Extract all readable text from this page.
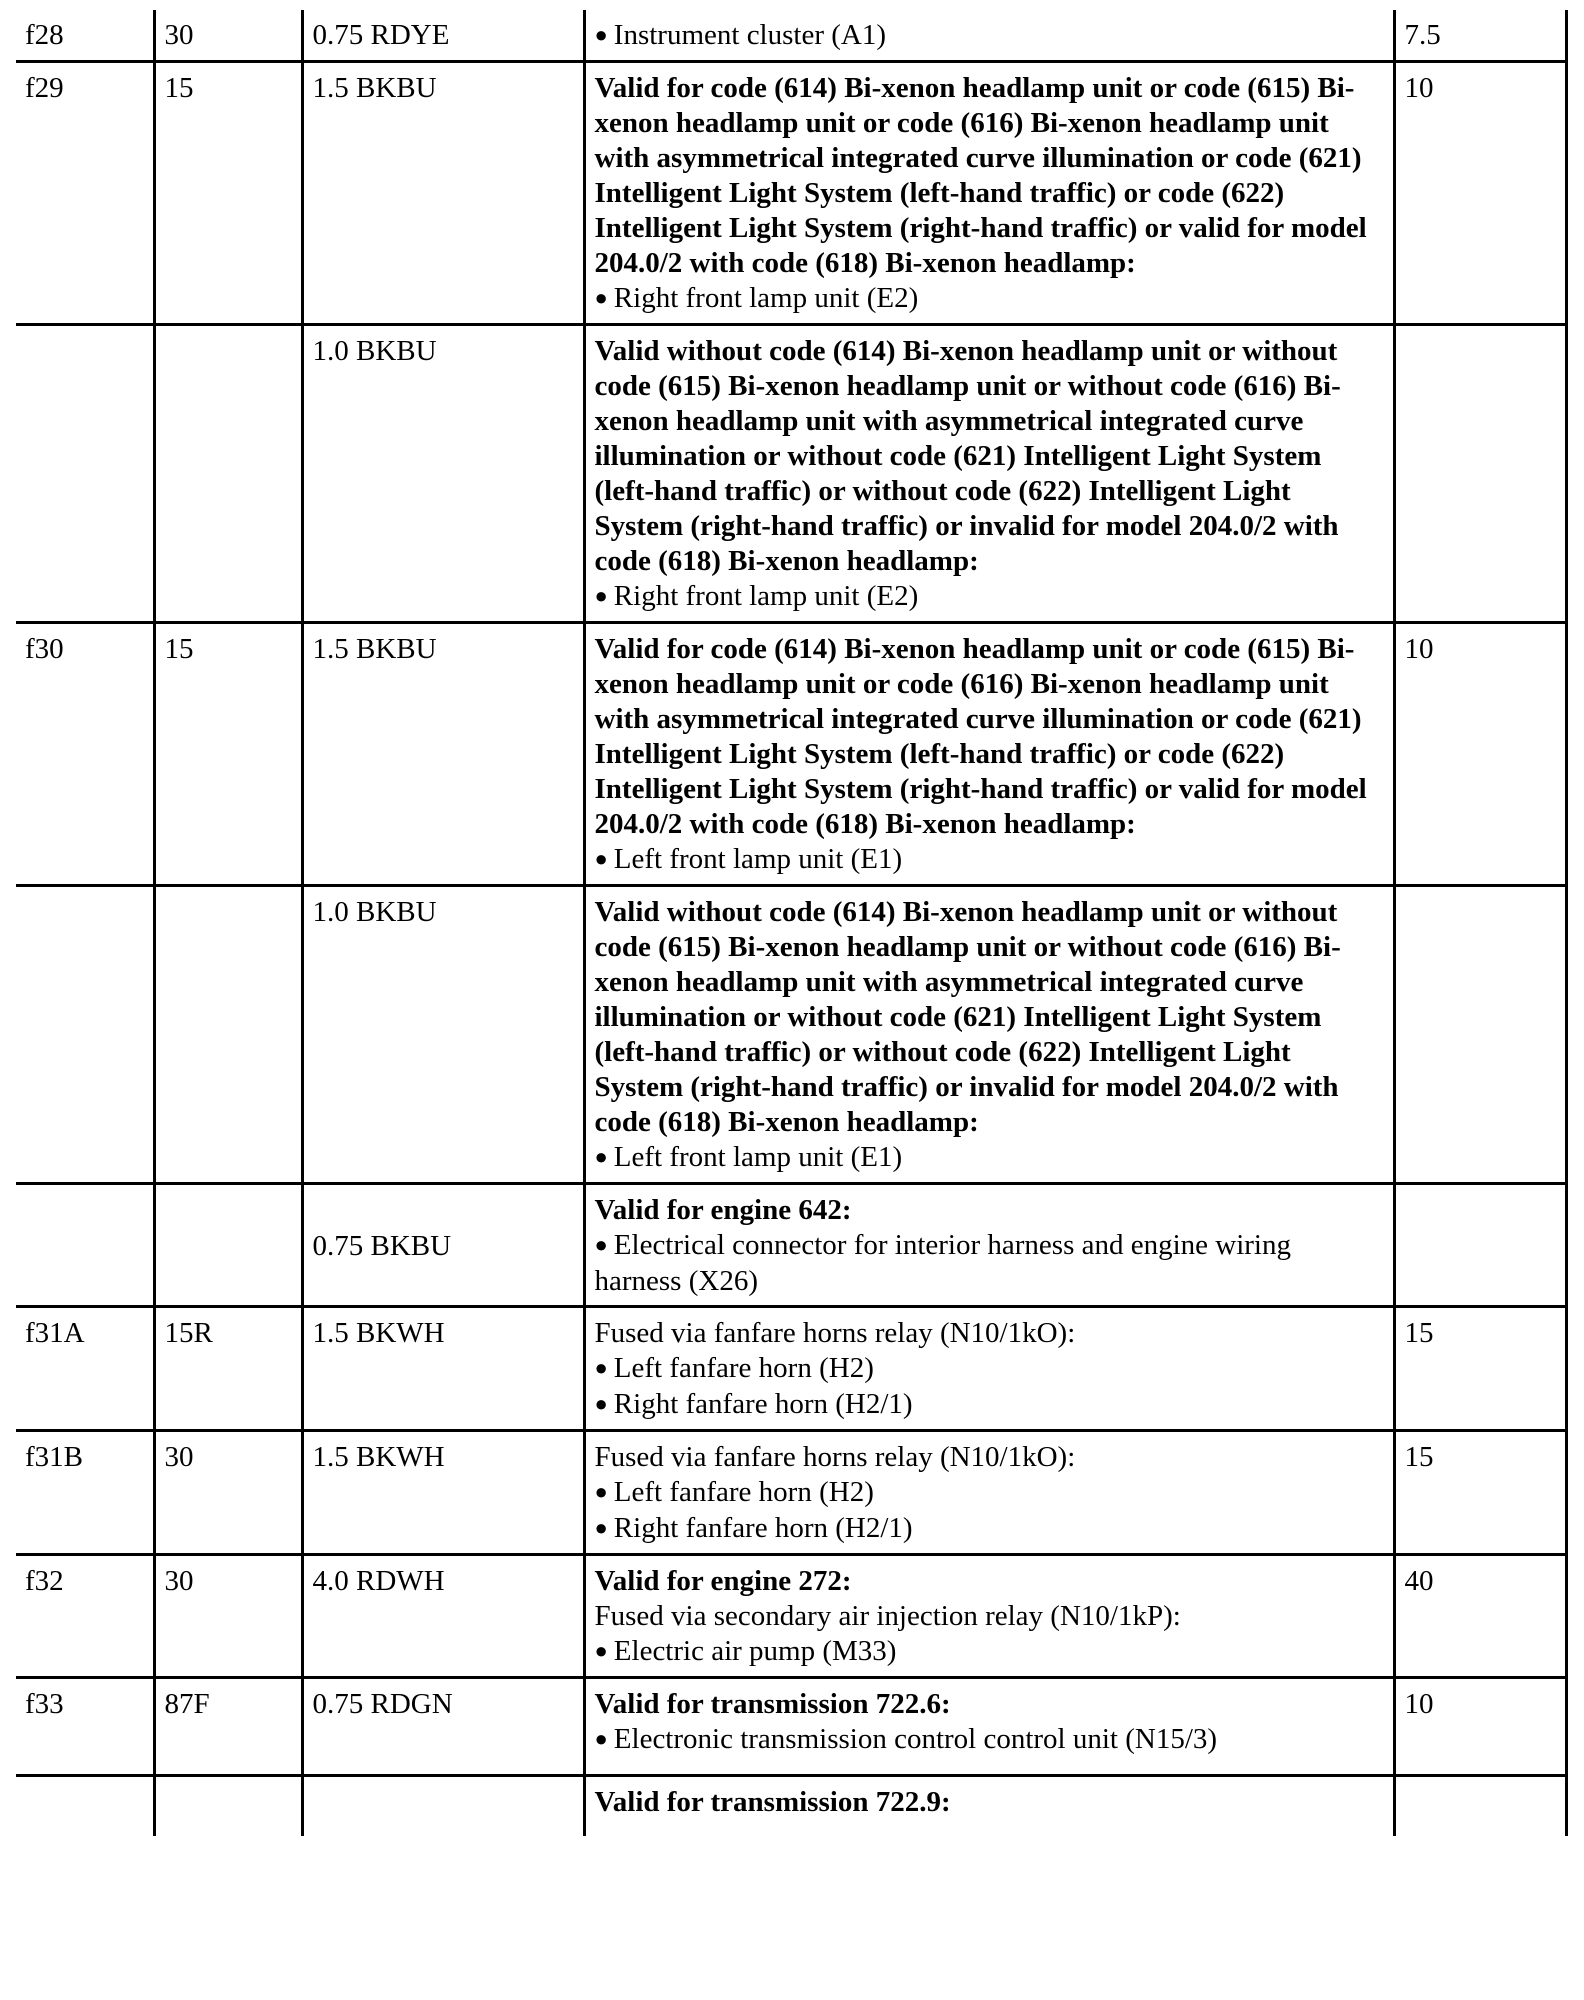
f28	30	0.75 RDYE	● Instrument cluster (A1)	7.5
f29	15	1.5 BKBU	Valid for code (614) Bi-xenon headlamp unit or code (615) Bi-xenon headlamp unit or code (616) Bi-xenon headlamp unit with asymmetrical integrated curve illumination or code (621) Intelligent Light System (left-hand traffic) or code (622) Intelligent Light System (right-hand traffic) or valid for model 204.0/2 with code (618) Bi-xenon headlamp:
● Right front lamp unit (E2)	10
		1.0 BKBU	Valid without code (614) Bi-xenon headlamp unit or without code (615) Bi-xenon headlamp unit or without code (616) Bi-xenon headlamp unit with asymmetrical integrated curve illumination or without code (621) Intelligent Light System (left-hand traffic) or without code (622) Intelligent Light System (right-hand traffic) or invalid for model 204.0/2 with code (618) Bi-xenon headlamp:
● Right front lamp unit (E2)

f30	15	1.5 BKBU	Valid for code (614) Bi-xenon headlamp unit or code (615) Bi-xenon headlamp unit or code (616) Bi-xenon headlamp unit with asymmetrical integrated curve illumination or code (621) Intelligent Light System (left-hand traffic) or code (622) Intelligent Light System (right-hand traffic) or valid for model 204.0/2 with code (618) Bi-xenon headlamp:
● Left front lamp unit (E1)	10
		1.0 BKBU	Valid without code (614) Bi-xenon headlamp unit or without code (615) Bi-xenon headlamp unit or without code (616) Bi-xenon headlamp unit with asymmetrical integrated curve illumination or without code (621) Intelligent Light System (left-hand traffic) or without code (622) Intelligent Light System (right-hand traffic) or invalid for model 204.0/2 with code (618) Bi-xenon headlamp:
● Left front lamp unit (E1)

		0.75 BKBU	Valid for engine 642:
● Electrical connector for interior harness and engine wiring harness (X26)

f31A	15R	1.5 BKWH	Fused via fanfare horns relay (N10/1kO):
● Left fanfare horn (H2)
● Right fanfare horn (H2/1)	15
f31B	30	1.5 BKWH	Fused via fanfare horns relay (N10/1kO):
● Left fanfare horn (H2)
● Right fanfare horn (H2/1)	15
f32	30	4.0 RDWH	Valid for engine 272:
Fused via secondary air injection relay (N10/1kP):
● Electric air pump (M33)	40
f33	87F	0.75 RDGN	Valid for transmission 722.6:
● Electronic transmission control control unit (N15/3)	10

			Valid for transmission 722.9:	
